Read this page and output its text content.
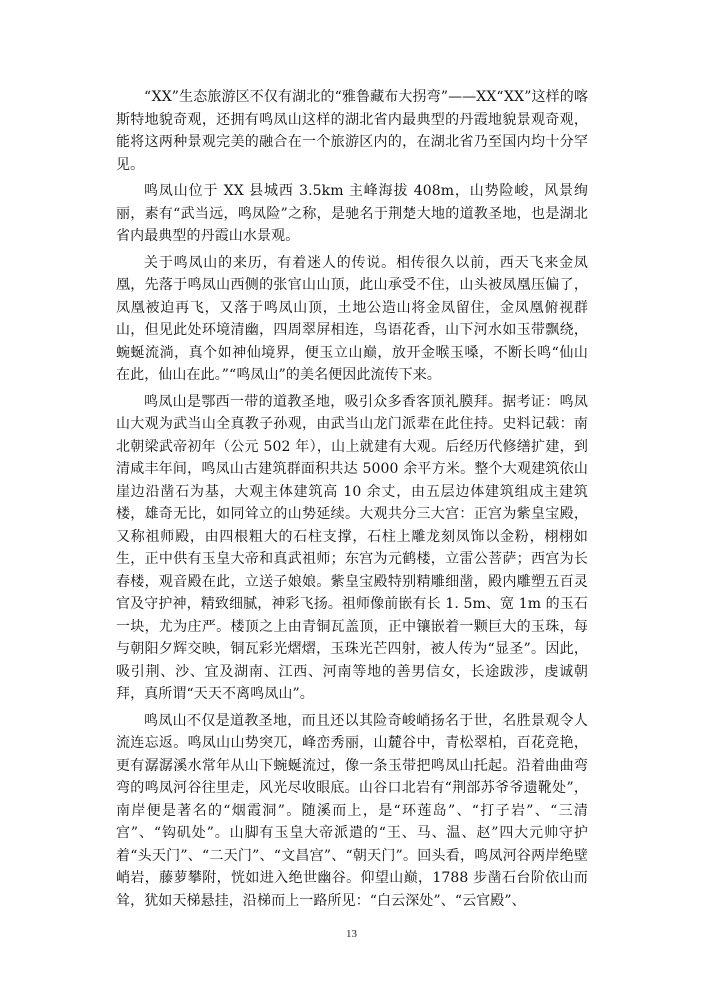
“XX”生态旅游区不仅有湖北的“雅鲁藏布大拐弯”——XX“XX”这样的喀斯特地貌奇观，还拥有鸣凤山这样的湖北省内最典型的丹霞地貌景观奇观，能将这两种景观完美的融合在一个旅游区内的，在湖北省乃至国内均十分罕见。

鸣凤山位于 XX 县城西 3.5km 主峰海拔 408m，山势险峻，风景绚丽，素有“武当远，鸣凤险”之称，是驰名于荆楚大地的道教圣地，也是湖北省内最典型的丹霞山水景观。

关于鸣凤山的来历，有着迷人的传说。相传很久以前，西天飞来金凤凰，先落于鸣凤山西侧的张官山山顶，此山承受不住，山头被凤凰压偏了，凤凰被迫再飞，又落于鸣凤山顶，土地公造山将金凤留住，金凤凰俯视群山，但见此处环境清幽，四周翠屏相连，鸟语花香，山下河水如玉带飘绕，蜿蜒流淌，真个如神仙境界，便玉立山巅，放开金喉玉嗓，不断长鸣“仙山在此，仙山在此。”“鸣凤山”的美名便因此流传下来。

鸣凤山是鄂西一带的道教圣地，吸引众多香客顶礼膜拜。据考证：鸣凤山大观为武当山全真教子孙观，由武当山龙门派辈在此住持。史料记载：南北朝梁武帝初年（公元 502 年），山上就建有大观。后经历代修缮扩建，到清咸丰年间，鸣凤山古建筑群面积共达 5000 余平方米。整个大观建筑依山崖边沿凿石为基，大观主体建筑高 10 余丈，由五层边体建筑组成主建筑楼，雄奇无比，如同耸立的山势延续。大观共分三大宫：正宫为紫皇宝殿，又称祖师殿，由四根粗大的石柱支撑，石柱上雕龙刻凤饰以金粉，栩栩如生，正中供有玉皇大帝和真武祖师；东宫为元鹤楼，立雷公菩萨；西宫为长春楼，观音殿在此，立送子娘娘。紫皇宝殿特别精雕细凿，殿内雕塑五百灵官及守护神，精致细腻，神彩飞扬。祖师像前嵌有长 1. 5m、宽 1m 的玉石一块，尤为庄严。楼顶之上由青铜瓦盖顶，正中镶嵌着一颗巨大的玉珠，每与朝阳夕辉交映，铜瓦彩光熠熠，玉珠光芒四射，被人传为“显圣”。因此，吸引荆、沙、宜及湖南、江西、河南等地的善男信女，长途跋涉，虔诚朝拜，真所谓“天天不离鸣凤山”。

鸣凤山不仅是道教圣地，而且还以其险奇峻峭扬名于世，名胜景观令人流连忘返。鸣凤山山势突兀，峰峦秀丽，山麓谷中，青松翠柏，百花竞艳，更有潺潺溪水常年从山下蜿蜒流过，像一条玉带把鸣凤山托起。沿着曲曲弯弯的鸣凤河谷往里走，风光尽收眼底。山谷口北岩有“荆部苏爷爷遗靴处”，南岸便是著名的“烟霞洞”。随溪而上，是“环莲岛”、“打子岩”、“三清宫”、“钩矶处”。山脚有玉皇大帝派遣的“王、马、温、赵”四大元帅守护着“头天门”、“二天门”、“文昌宫”、“朝天门”。回头看，鸣凤河谷两岸绝壁峭岩，藤萝攀附，恍如进入绝世幽谷。仰望山巅，1788 步凿石台阶依山而耸，犹如天梯悬挂，沿梯而上一路所见：“白云深处”、“云官殿”、

13
